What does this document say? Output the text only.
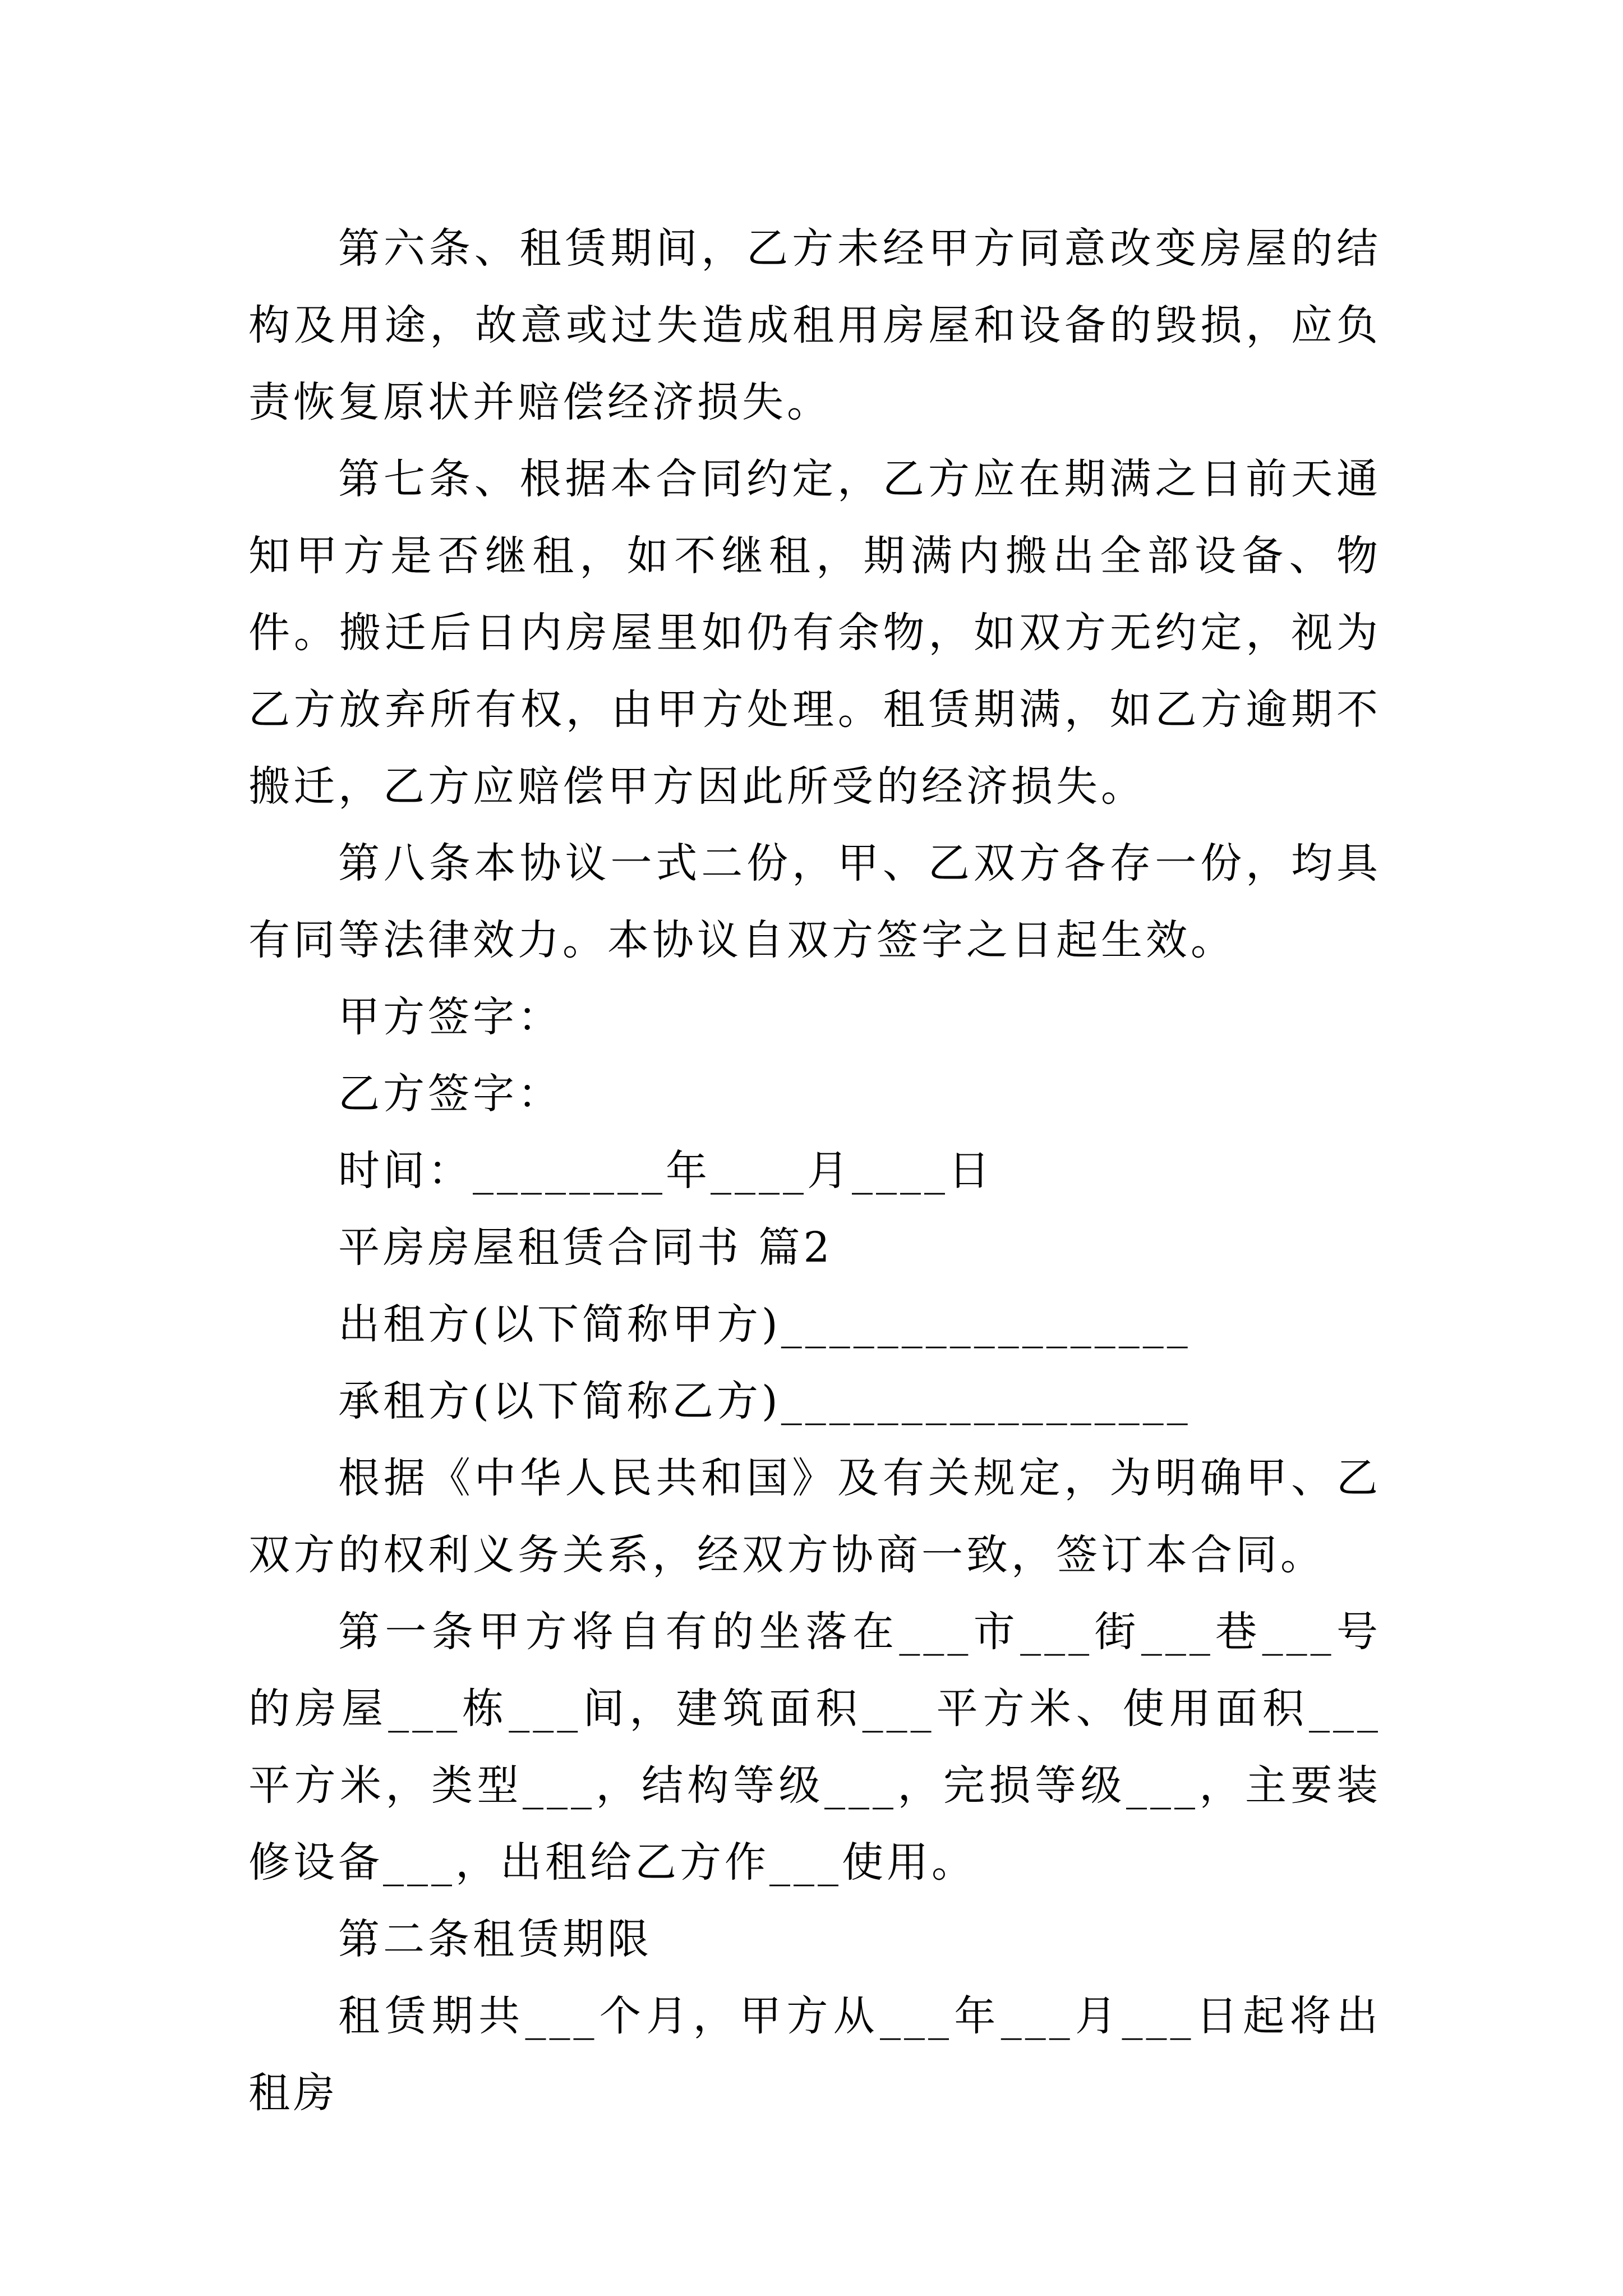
第六条、租赁期间，乙方未经甲方同意改变房屋的结构及用途，故意或过失造成租用房屋和设备的毁损，应负责恢复原状并赔偿经济损失。

第七条、根据本合同约定，乙方应在期满之日前天通知甲方是否继租，如不继租，期满内搬出全部设备、物件。搬迁后日内房屋里如仍有余物，如双方无约定，视为乙方放弃所有权，由甲方处理。租赁期满，如乙方逾期不搬迁，乙方应赔偿甲方因此所受的经济损失。

第八条本协议一式二份，甲、乙双方各存一份，均具有同等法律效力。本协议自双方签字之日起生效。

甲方签字：

乙方签字：

时间：________年____月____日

平房房屋租赁合同书 篇2

出租方(以下简称甲方)_________________

承租方(以下简称乙方)_________________

根据《中华人民共和国》及有关规定，为明确甲、乙双方的权利义务关系，经双方协商一致，签订本合同。

第一条甲方将自有的坐落在___市___街___巷___号的房屋___栋___间，建筑面积___平方米、使用面积___平方米，类型___，结构等级___，完损等级___，主要装修设备___，出租给乙方作___使用。

第二条租赁期限

租赁期共___个月，甲方从___年___月___日起将出租房
